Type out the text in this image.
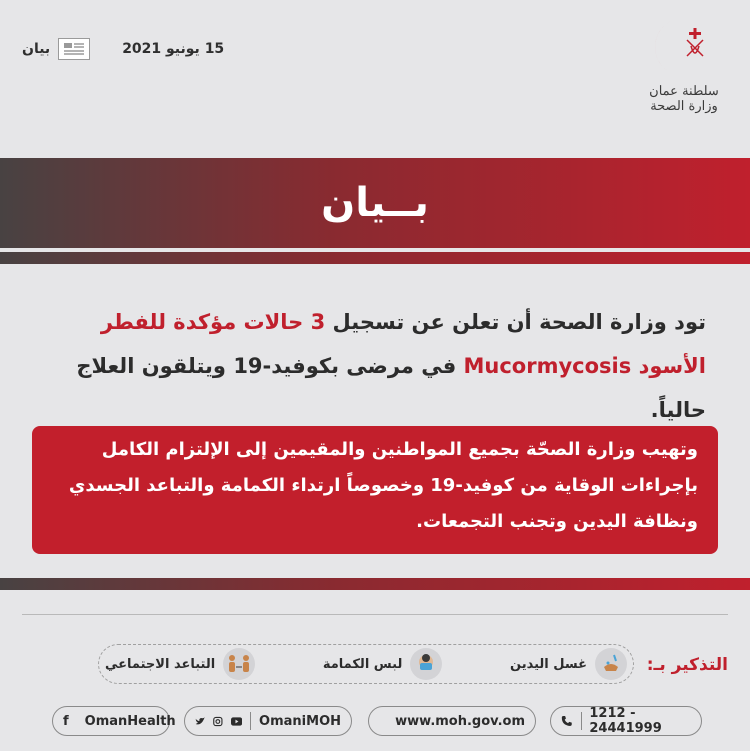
بيان	15 يونيو 2021
سلطنة عمان
وزارة الصحة
بــيان
تود وزارة الصحة أن تعلن عن تسجيل 3 حالات مؤكدة للفطر الأسود Mucormycosis في مرضى بكوفيد-19 ويتلقون العلاج حالياً.
وتهيب وزارة الصحّة بجميع المواطنين والمقيمين إلى الإلتزام الكامل بإجراءات الوقاية من كوفيد-19 وخصوصاً ارتداء الكمامة والتباعد الجسدي ونظافة اليدين وتجنب التجمعات.
التذكير بـ:
غسل اليدين
لبس الكمامة
التباعد الاجتماعي
f OmanHealth	OmaniMOH	www.moh.gov.om	1212 - 24441999
